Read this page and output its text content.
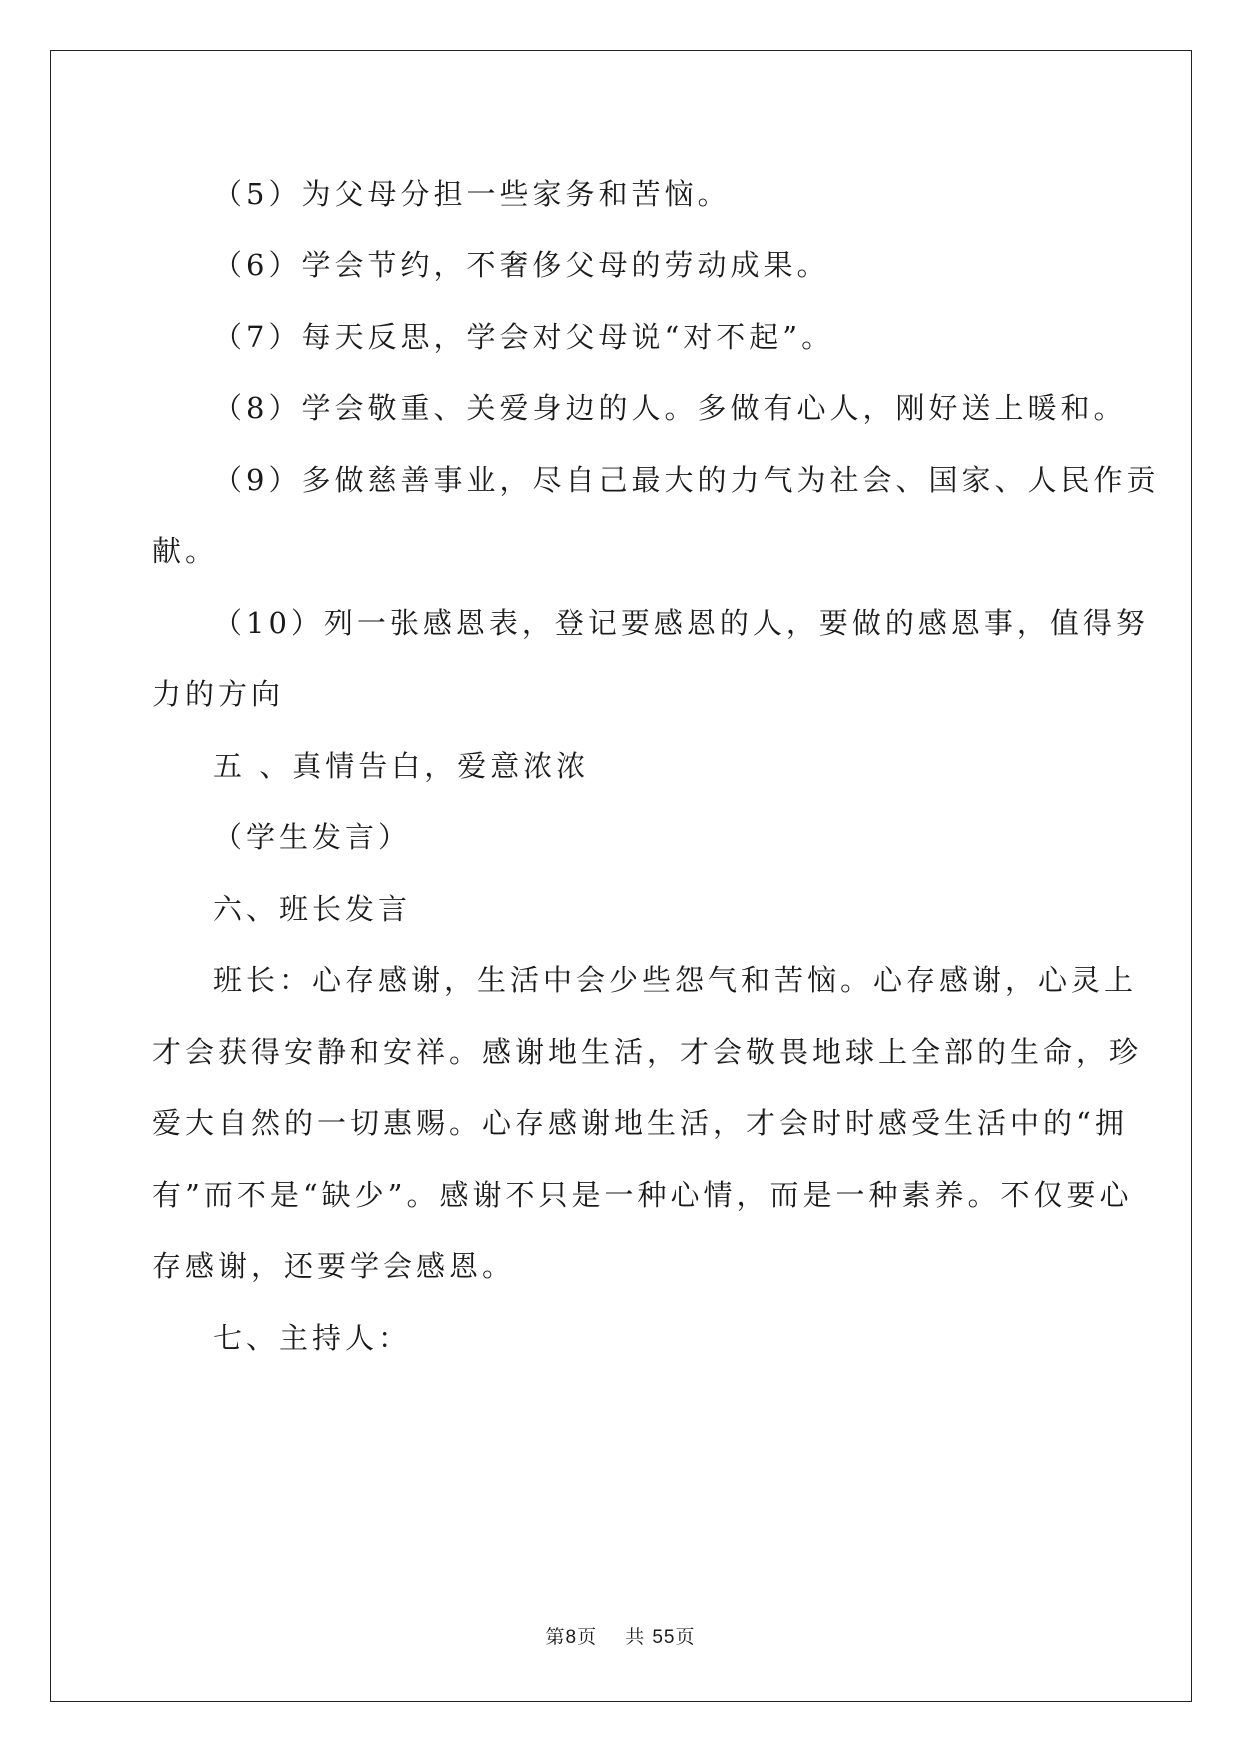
（5）为父母分担一些家务和苦恼。

（6）学会节约，不奢侈父母的劳动成果。

（7）每天反思，学会对父母说“对不起”。

（8）学会敬重、关爱身边的人。多做有心人，刚好送上暖和。

（9）多做慈善事业，尽自己最大的力气为社会、国家、人民作贡

献。

（10）列一张感恩表，登记要感恩的人，要做的感恩事，值得努

力的方向

五 、真情告白，爱意浓浓

（学生发言）

六、班长发言

班长：心存感谢，生活中会少些怨气和苦恼。心存感谢，心灵上

才会获得安静和安祥。感谢地生活，才会敬畏地球上全部的生命，珍

爱大自然的一切惠赐。心存感谢地生活，才会时时感受生活中的“拥

有”而不是“缺少”。感谢不只是一种心情，而是一种素养。不仅要心

存感谢，还要学会感恩。

七、主持人：

第8页 共 55页
